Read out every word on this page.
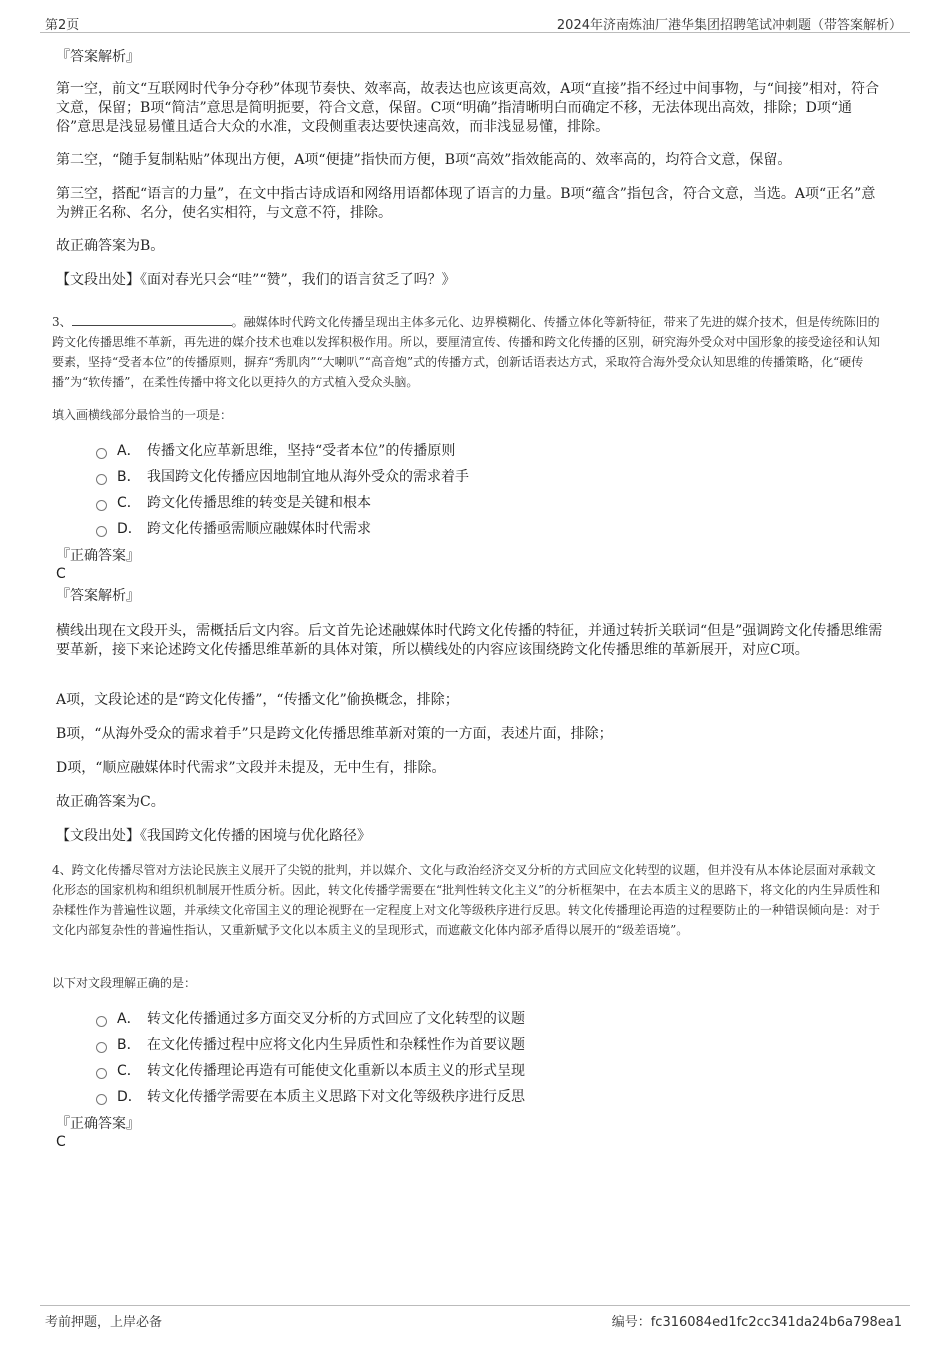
第2页	2024年济南炼油厂港华集团招聘笔试冲刺题（带答案解析）
『答案解析』
第一空，前文“互联网时代争分夺秒”体现节奏快、效率高，故表达也应该更高效，A项“直接”指不经过中间事物，与“间接”相对，符合文意，保留；B项“简洁”意思是简明扼要，符合文意，保留。C项“明确”指清晰明白而确定不移，无法体现出高效，排除；D项“通俗”意思是浅显易懂且适合大众的水准，文段侧重表达要快速高效，而非浅显易懂，排除。
第二空，“随手复制粘贴”体现出方便，A项“便捷”指快而方便，B项“高效”指效能高的、效率高的，均符合文意，保留。
第三空，搭配“语言的力量”，在文中指古诗成语和网络用语都体现了语言的力量。B项“蕴含”指包含，符合文意，当选。A项“正名”意为辨正名称、名分，使名实相符，与文意不符，排除。
故正确答案为B。
【文段出处】《面对春光只会“哇”“赞”，我们的语言贫乏了吗？》
3、	。融媒体时代跨文化传播呈现出主体多元化、边界模糊化、传播立体化等新特征，带来了先进的媒介技术，但是传统陈旧的跨文化传播思维不革新，再先进的媒介技术也难以发挥积极作用。所以，要厘清宣传、传播和跨文化传播的区别，研究海外受众对中国形象的接受途径和认知要素，坚持“受者本位”的传播原则，摒弃“秀肌肉”“大喇叭”“高音炮”式的传播方式，创新话语表达方式，采取符合海外受众认知思维的传播策略，化“硬传播”为“软传播”，在柔性传播中将文化以更持久的方式植入受众头脑。
填入画横线部分最恰当的一项是：
A． 传播文化应革新思维，坚持“受者本位”的传播原则
B． 我国跨文化传播应因地制宜地从海外受众的需求着手
C． 跨文化传播思维的转变是关键和根本
D． 跨文化传播亟需顺应融媒体时代需求
『正确答案』
C
『答案解析』
横线出现在文段开头，需概括后文内容。后文首先论述融媒体时代跨文化传播的特征，并通过转折关联词“但是”强调跨文化传播思维需要革新，接下来论述跨文化传播思维革新的具体对策，所以横线处的内容应该围绕跨文化传播思维的革新展开，对应C项。
A项，文段论述的是“跨文化传播”，“传播文化”偷换概念，排除；
B项，“从海外受众的需求着手”只是跨文化传播思维革新对策的一方面，表述片面，排除；
D项，“顺应融媒体时代需求”文段并未提及，无中生有，排除。
故正确答案为C。
【文段出处】《我国跨文化传播的困境与优化路径》
4、跨文化传播尽管对方法论民族主义展开了尖锐的批判，并以媒介、文化与政治经济交叉分析的方式回应文化转型的议题，但并没有从本体论层面对承载文化形态的国家机构和组织机制展开性质分析。因此，转文化传播学需要在“批判性转文化主义”的分析框架中，在去本质主义的思路下，将文化的内生异质性和杂糅性作为普遍性议题，并承续文化帝国主义的理论视野在一定程度上对文化等级秩序进行反思。转文化传播理论再造的过程要防止的一种错误倾向是：对于文化内部复杂性的普遍性指认，又重新赋予文化以本质主义的呈现形式，而遮蔽文化体内部矛盾得以展开的“级差语境”。
以下对文段理解正确的是：
A． 转文化传播通过多方面交叉分析的方式回应了文化转型的议题
B． 在文化传播过程中应将文化内生异质性和杂糅性作为首要议题
C． 转文化传播理论再造有可能使文化重新以本质主义的形式呈现
D． 转文化传播学需要在本质主义思路下对文化等级秩序进行反思
『正确答案』
C
考前押题，上岸必备	编号：fc316084ed1fc2cc341da24b6a798ea1
